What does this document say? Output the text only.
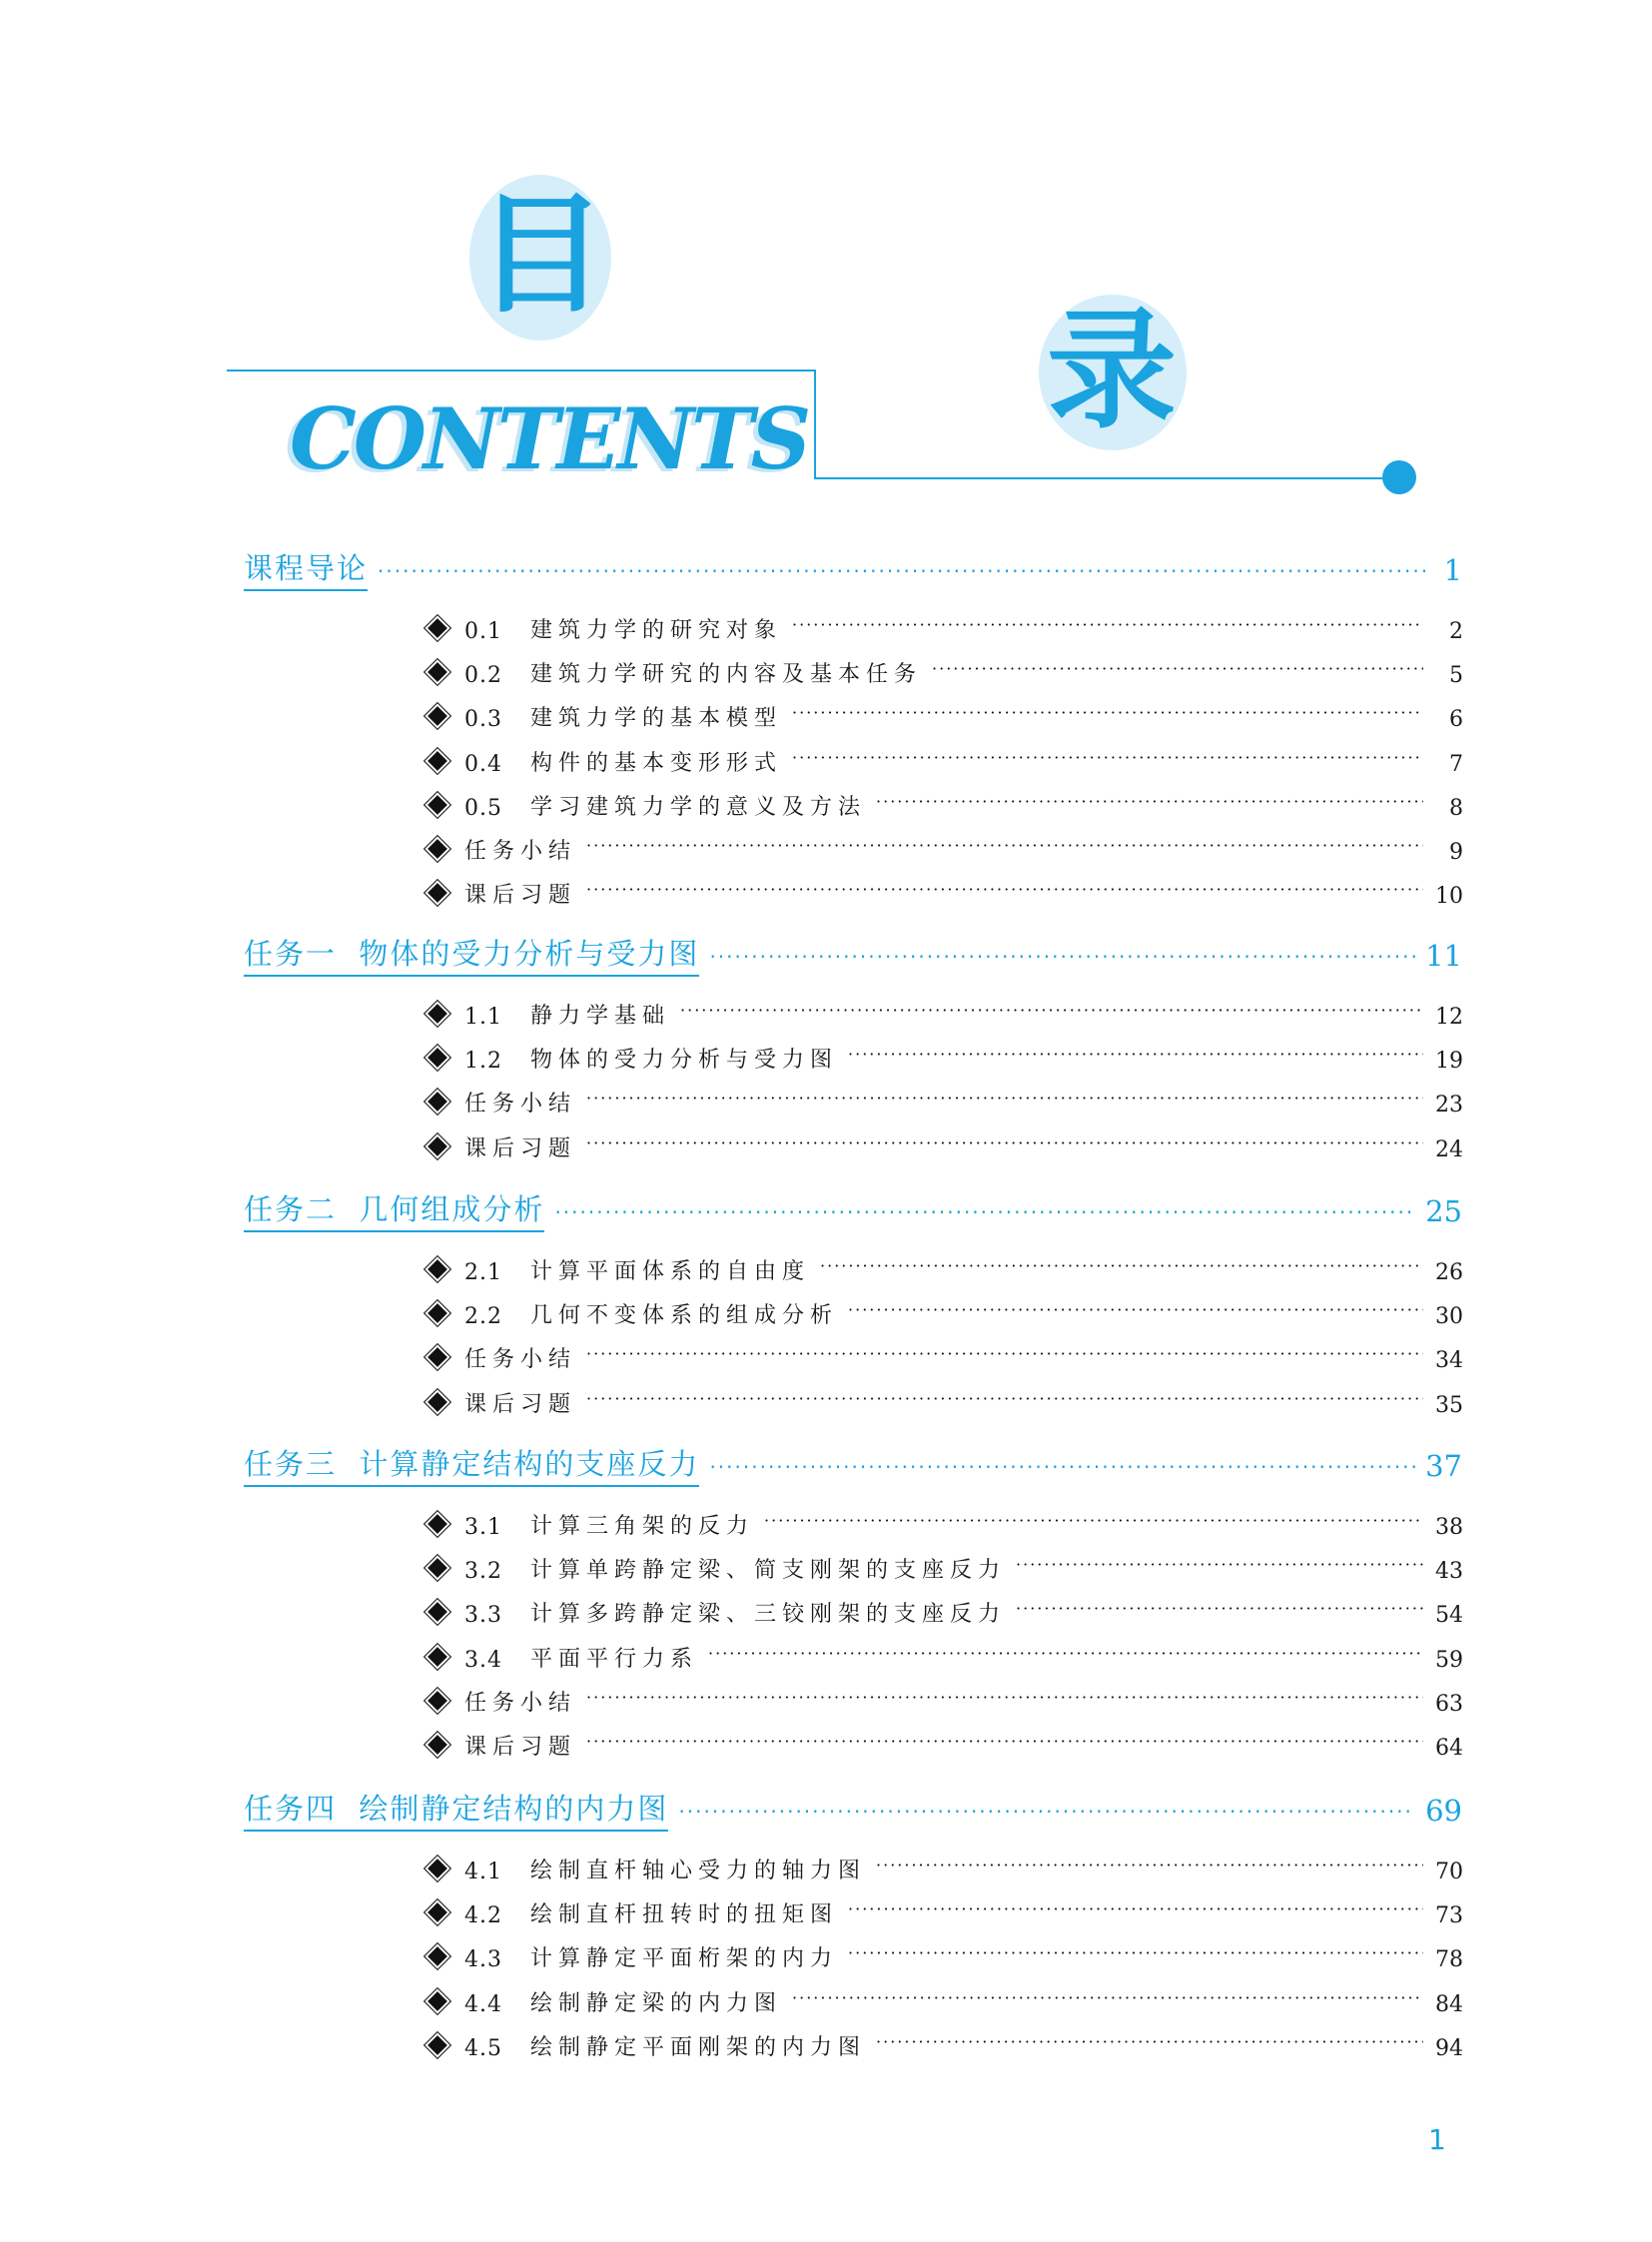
目
录
CONTENTS
课程导论 ·····	1
0.1	建筑力学的研究对象 ·····	2
0.2	建筑力学研究的内容及基本任务 ·····	5
0.3	建筑力学的基本模型 ·····	6
0.4	构件的基本变形形式 ·····	7
0.5	学习建筑力学的意义及方法 ·····	8
任务小结 ·····	9
课后习题 ·····	10
任务一  物体的受力分析与受力图 ·····	11
1.1	静力学基础 ·····	12
1.2	物体的受力分析与受力图 ·····	19
任务小结 ·····	23
课后习题 ·····	24
任务二  几何组成分析 ·····	25
2.1	计算平面体系的自由度 ·····	26
2.2	几何不变体系的组成分析 ·····	30
任务小结 ·····	34
课后习题 ·····	35
任务三  计算静定结构的支座反力 ·····	37
3.1	计算三角架的反力 ·····	38
3.2	计算单跨静定梁、简支刚架的支座反力 ·····	43
3.3	计算多跨静定梁、三铰刚架的支座反力 ·····	54
3.4	平面平行力系 ·····	59
任务小结 ·····	63
课后习题 ·····	64
任务四  绘制静定结构的内力图 ·····	69
4.1	绘制直杆轴心受力的轴力图 ·····	70
4.2	绘制直杆扭转时的扭矩图 ·····	73
4.3	计算静定平面桁架的内力 ·····	78
4.4	绘制静定梁的内力图 ·····	84
4.5	绘制静定平面刚架的内力图 ·····	94
1
